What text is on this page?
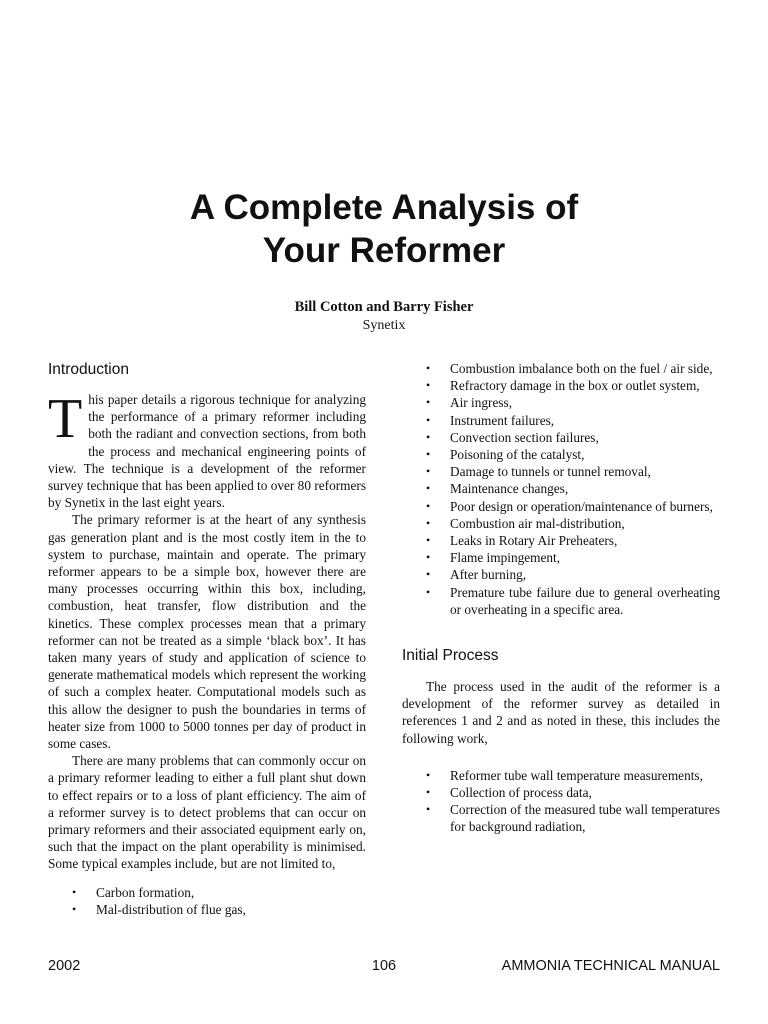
A Complete Analysis of
Your Reformer
Bill Cotton and Barry Fisher
Synetix
Introduction

This paper details a rigorous technique for analyzing the performance of a primary reformer including both the radiant and convection sections, from both the process and mechanical engineering points of view. The technique is a development of the reformer survey technique that has been applied to over 80 reformers by Synetix in the last eight years.

The primary reformer is at the heart of any synthesis gas generation plant and is the most costly item in the to system to purchase, maintain and operate. The primary reformer appears to be a simple box, however there are many processes occurring within this box, including, combustion, heat transfer, flow distribution and the kinetics. These complex processes mean that a primary reformer can not be treated as a simple ‘black box’. It has taken many years of study and application of science to generate mathematical models which represent the working of such a complex heater. Computational models such as this allow the designer to push the boundaries in terms of heater size from 1000 to 5000 tonnes per day of product in some cases.

There are many problems that can commonly occur on a primary reformer leading to either a full plant shut down to effect repairs or to a loss of plant efficiency. The aim of a reformer survey is to detect problems that can occur on primary reformers and their associated equipment early on, such that the impact on the plant operability is minimised. Some typical examples include, but are not limited to,

• Carbon formation,
• Mal-distribution of flue gas,
• Combustion imbalance both on the fuel / air side,
• Refractory damage in the box or outlet system,
• Air ingress,
• Instrument failures,
• Convection section failures,
• Poisoning of the catalyst,
• Damage to tunnels or tunnel removal,
• Maintenance changes,
• Poor design or operation/maintenance of burners,
• Combustion air mal-distribution,
• Leaks in Rotary Air Preheaters,
• Flame impingement,
• After burning,
• Premature tube failure due to general overheating or overheating in a specific area.
Initial Process

The process used in the audit of the reformer is a development of the reformer survey as detailed in references 1 and 2 and as noted in these, this includes the following work,

• Reformer tube wall temperature measurements,
• Collection of process data,
• Correction of the measured tube wall temperatures for background radiation,
2002	106	AMMONIA TECHNICAL MANUAL
